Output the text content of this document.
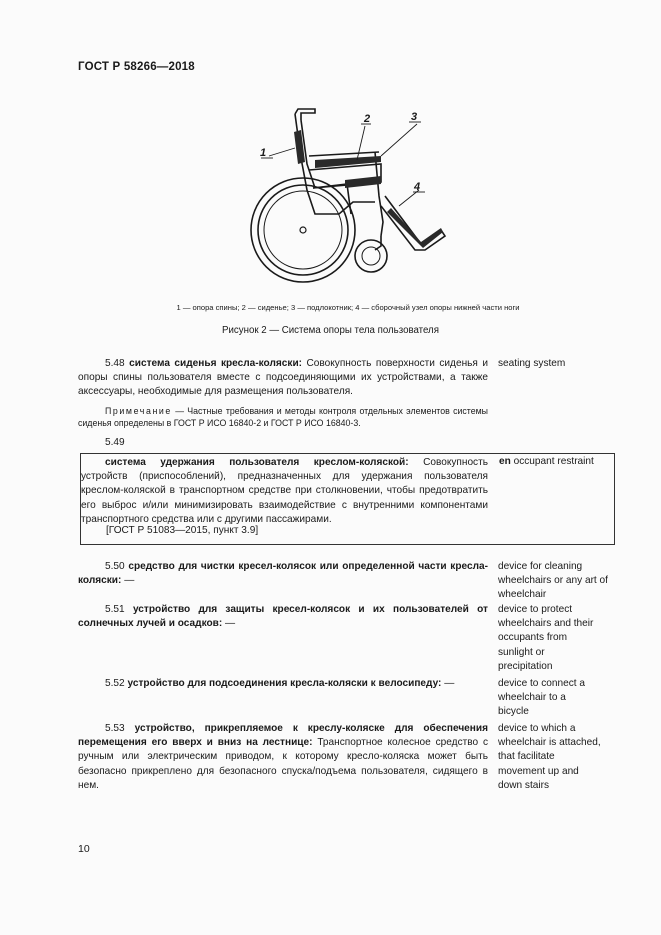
ГОСТ Р 58266—2018
1
2	3
4
1 — опора спины; 2 — сиденье; 3 — подлокотник; 4 — сборочный узел опоры нижней части ноги
Рисунок 2 — Система опоры тела пользователя
5.48 система сиденья кресла-коляски: Совокупность поверхности сиденья и опоры спины пользователя вместе с подсоединяющими их устройствами, а также аксессуары, необходимые для размещения пользователя.
seating system
Примечание — Частные требования и методы контроля отдельных элементов системы сиденья определены в ГОСТ Р ИСО 16840-2 и ГОСТ Р ИСО 16840-3.
5.49
система удержания пользователя креслом-коляской: Совокупность устройств (приспособлений), предназначенных для удержания пользователя креслом-коляской в транспортном средстве при столкновении, чтобы предотвратить его выброс и/или минимизировать взаимодействие с внутренними компонентами транспортного средства или с другими пассажирами.
[ГОСТ Р 51083—2015, пункт 3.9]
en occupant restraint
5.50 средство для чистки кресел-колясок или определенной части кресла-коляски: —
device for cleaning wheelchairs or any art of wheelchair
5.51 устройство для защиты кресел-колясок и их пользователей от солнечных лучей и осадков: —
device to protect wheelchairs and their occupants from sunlight or precipitation
5.52 устройство для подсоединения кресла-коляски к велосипеду: —	device to connect a wheelchair to a bicycle
5.53 устройство, прикрепляемое к креслу-коляске для обеспечения перемещения его вверх и вниз на лестнице: Транспортное колесное средство с ручным или электрическим приводом, к которому кресло-коляска может быть безопасно прикреплено для безопасного спуска/подъема пользователя, сидящего в нем.
device to which a wheelchair is attached, that facilitate movement up and down stairs
10
